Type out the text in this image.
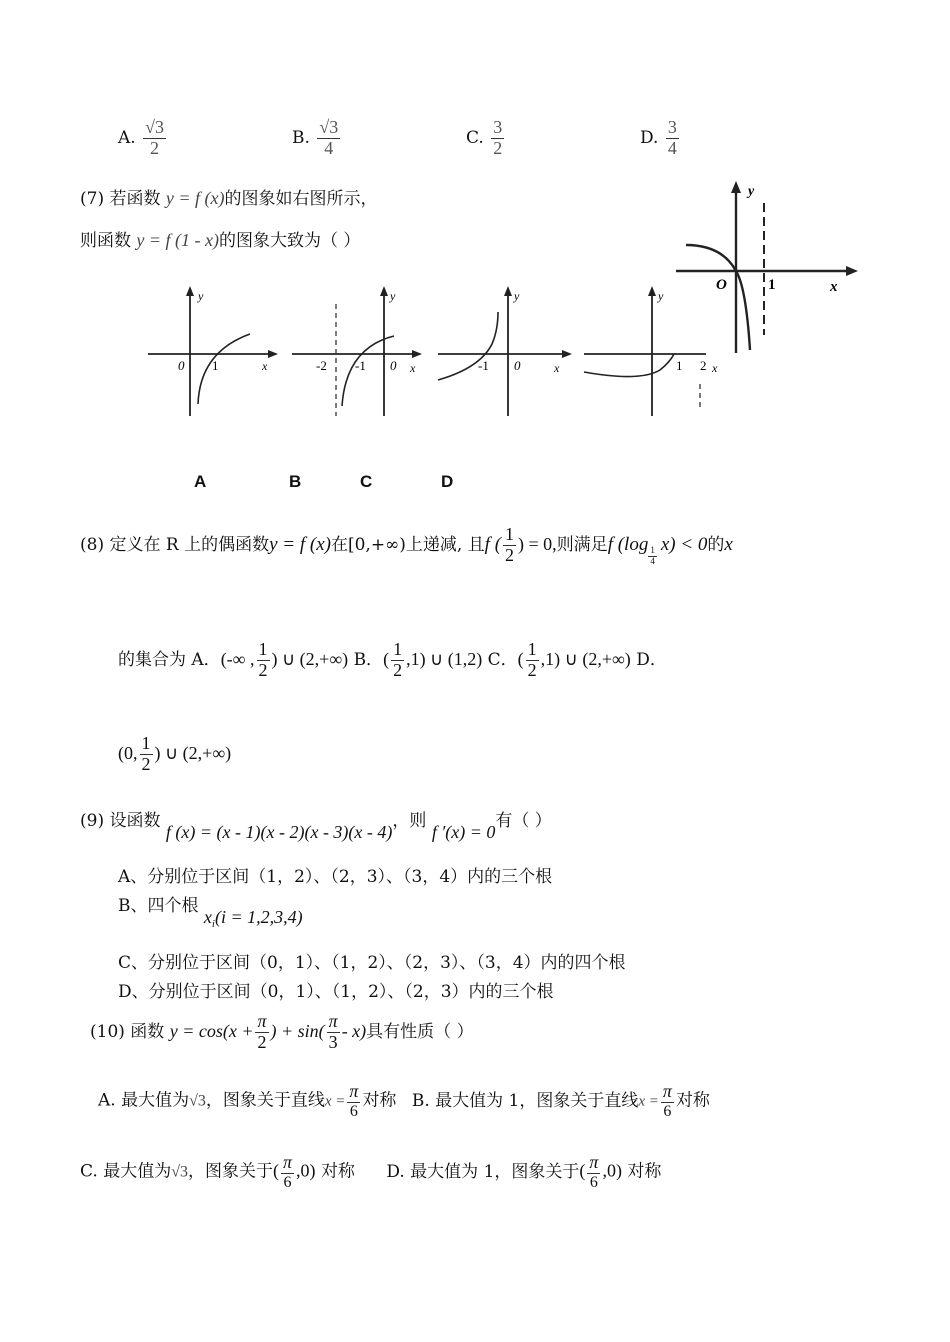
A. $\frac{√3}{2}$	B. $\frac{√3}{4}$	C. $\frac{3}{2}$	D. $\frac{3}{4}$
(7) 若函数 y = f (x)的图象如右图所示，
则函数 y = f (1 - x)的图象大致为（ ）
y
O	1	x
y
0 1	x
y
-2 -1 0 x
y
-1 0	x
y
1 2 x
A	B	C	D
(8) 定义在 R 上的偶函数y = f (x)在[0,+∞)上递减, 且f ( $\frac{1}{2}$ ) = 0,则满足f (log
$\frac{1}{4}$
x) < 0的x
的集合为 A．(-∞ , $\frac{1}{2}$ ) ∪ (2,+∞) B．( $\frac{1}{2} ,1$) ∪ (1,2) C．( $\frac{1}{2} ,1$) ∪ (2,+∞) D．
(0, $\frac{1}{2}$ ) ∪ (2,+∞)
(9) 设函数 f (x) = (x - 1)(x - 2)(x - 3)(x - 4)，则 f ′(x) = 0有（ ）
A、分别位于区间（1，2）、（2，3）、（3，4）内的三个根
B、四个根 $x_i(i = 1,2,3,4)$
C、分别位于区间（0，1）、（1，2）、（2，3）、（3，4）内的四个根
D、分别位于区间（0，1）、（1，2）、（2，3）内的三个根
(10) 函数 $y = \cos(x + \frac{\pi}{2}$ ) + $\sin( \frac{\pi}{3} - x)$具有性质（ ）
A. 最大值为√3，图象关于直线$x = \frac{\pi}{6}$ 对称 B. 最大值为 1，图象关于直线$x = \frac{\pi}{6}$ 对称
C. 最大值为√3，图象关于( $\frac{\pi}{6} ,0$) 对称 D. 最大值为 1，图象关于( $\frac{\pi}{6} ,0$) 对称
